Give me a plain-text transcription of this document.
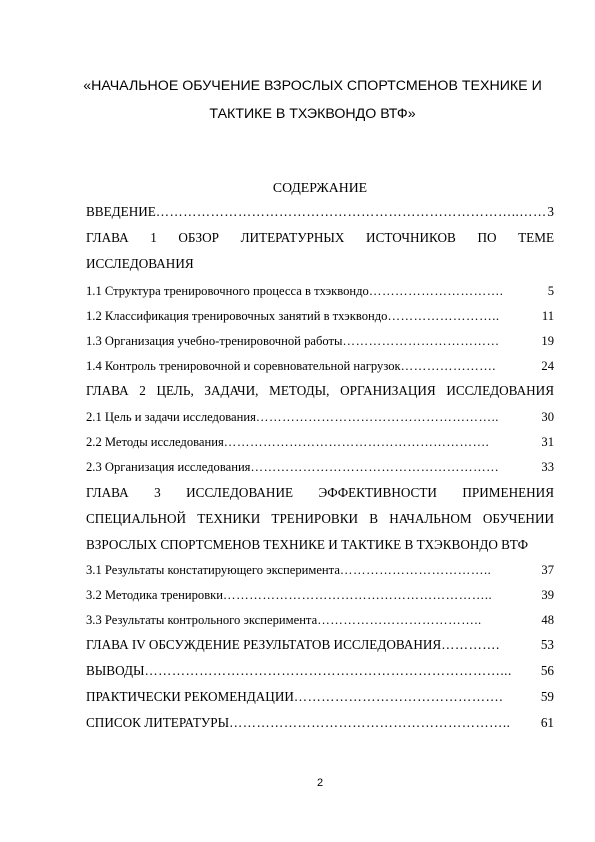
«НАЧАЛЬНОЕ ОБУЧЕНИЕ ВЗРОСЛЫХ СПОРТСМЕНОВ ТЕХНИКЕ И
ТАКТИКЕ В ТХЭКВОНДО ВТФ»
СОДЕРЖАНИЕ
ВВЕДЕНИЕ ……………………………………………………………………..…… 3
ГЛАВА 1 ОБЗОР ЛИТЕРАТУРНЫХ ИСТОЧНИКОВ ПО ТЕМЕ
ИССЛЕДОВАНИЯ
1.1 Структура тренировочного процесса в тхэквондо ………………………….	5
1.2 Классификация тренировочных занятий в тхэквондо ……………………..	11
1.3 Организация учебно-тренировочной работы ………………………………	19
1.4 Контроль тренировочной и соревновательной нагрузок ………………….	24
ГЛАВА 2 ЦЕЛЬ, ЗАДАЧИ, МЕТОДЫ, ОРГАНИЗАЦИЯ ИССЛЕДОВАНИЯ
2.1 Цель и задачи исследования ………………………………………………..	30
2.2 Методы исследования …………………………………………………….	31
2.3 Организация исследования …………………………………………………	33
ГЛАВА 3 ИССЛЕДОВАНИЕ ЭФФЕКТИВНОСТИ ПРИМЕНЕНИЯ
СПЕЦИАЛЬНОЙ ТЕХНИКИ ТРЕНИРОВКИ В НАЧАЛЬНОМ ОБУЧЕНИИ
ВЗРОСЛЫХ СПОРТСМЕНОВ ТЕХНИКЕ И ТАКТИКЕ В ТХЭКВОНДО ВТФ
3.1 Результаты констатирующего эксперимента ……………………………..	37
3.2 Методика тренировки ……………………………………………………..	39
3.3 Результаты контрольного эксперимента ………………………………..	48
ГЛАВА IV ОБСУЖДЕНИЕ РЕЗУЛЬТАТОВ ИССЛЕДОВАНИЯ ………….	53
ВЫВОДЫ ……………………………………………………………………...	56
ПРАКТИЧЕСКИ РЕКОМЕНДАЦИИ ……………………………………….	59
СПИСОК ЛИТЕРАТУРЫ ……………………………………………………..	61
2
